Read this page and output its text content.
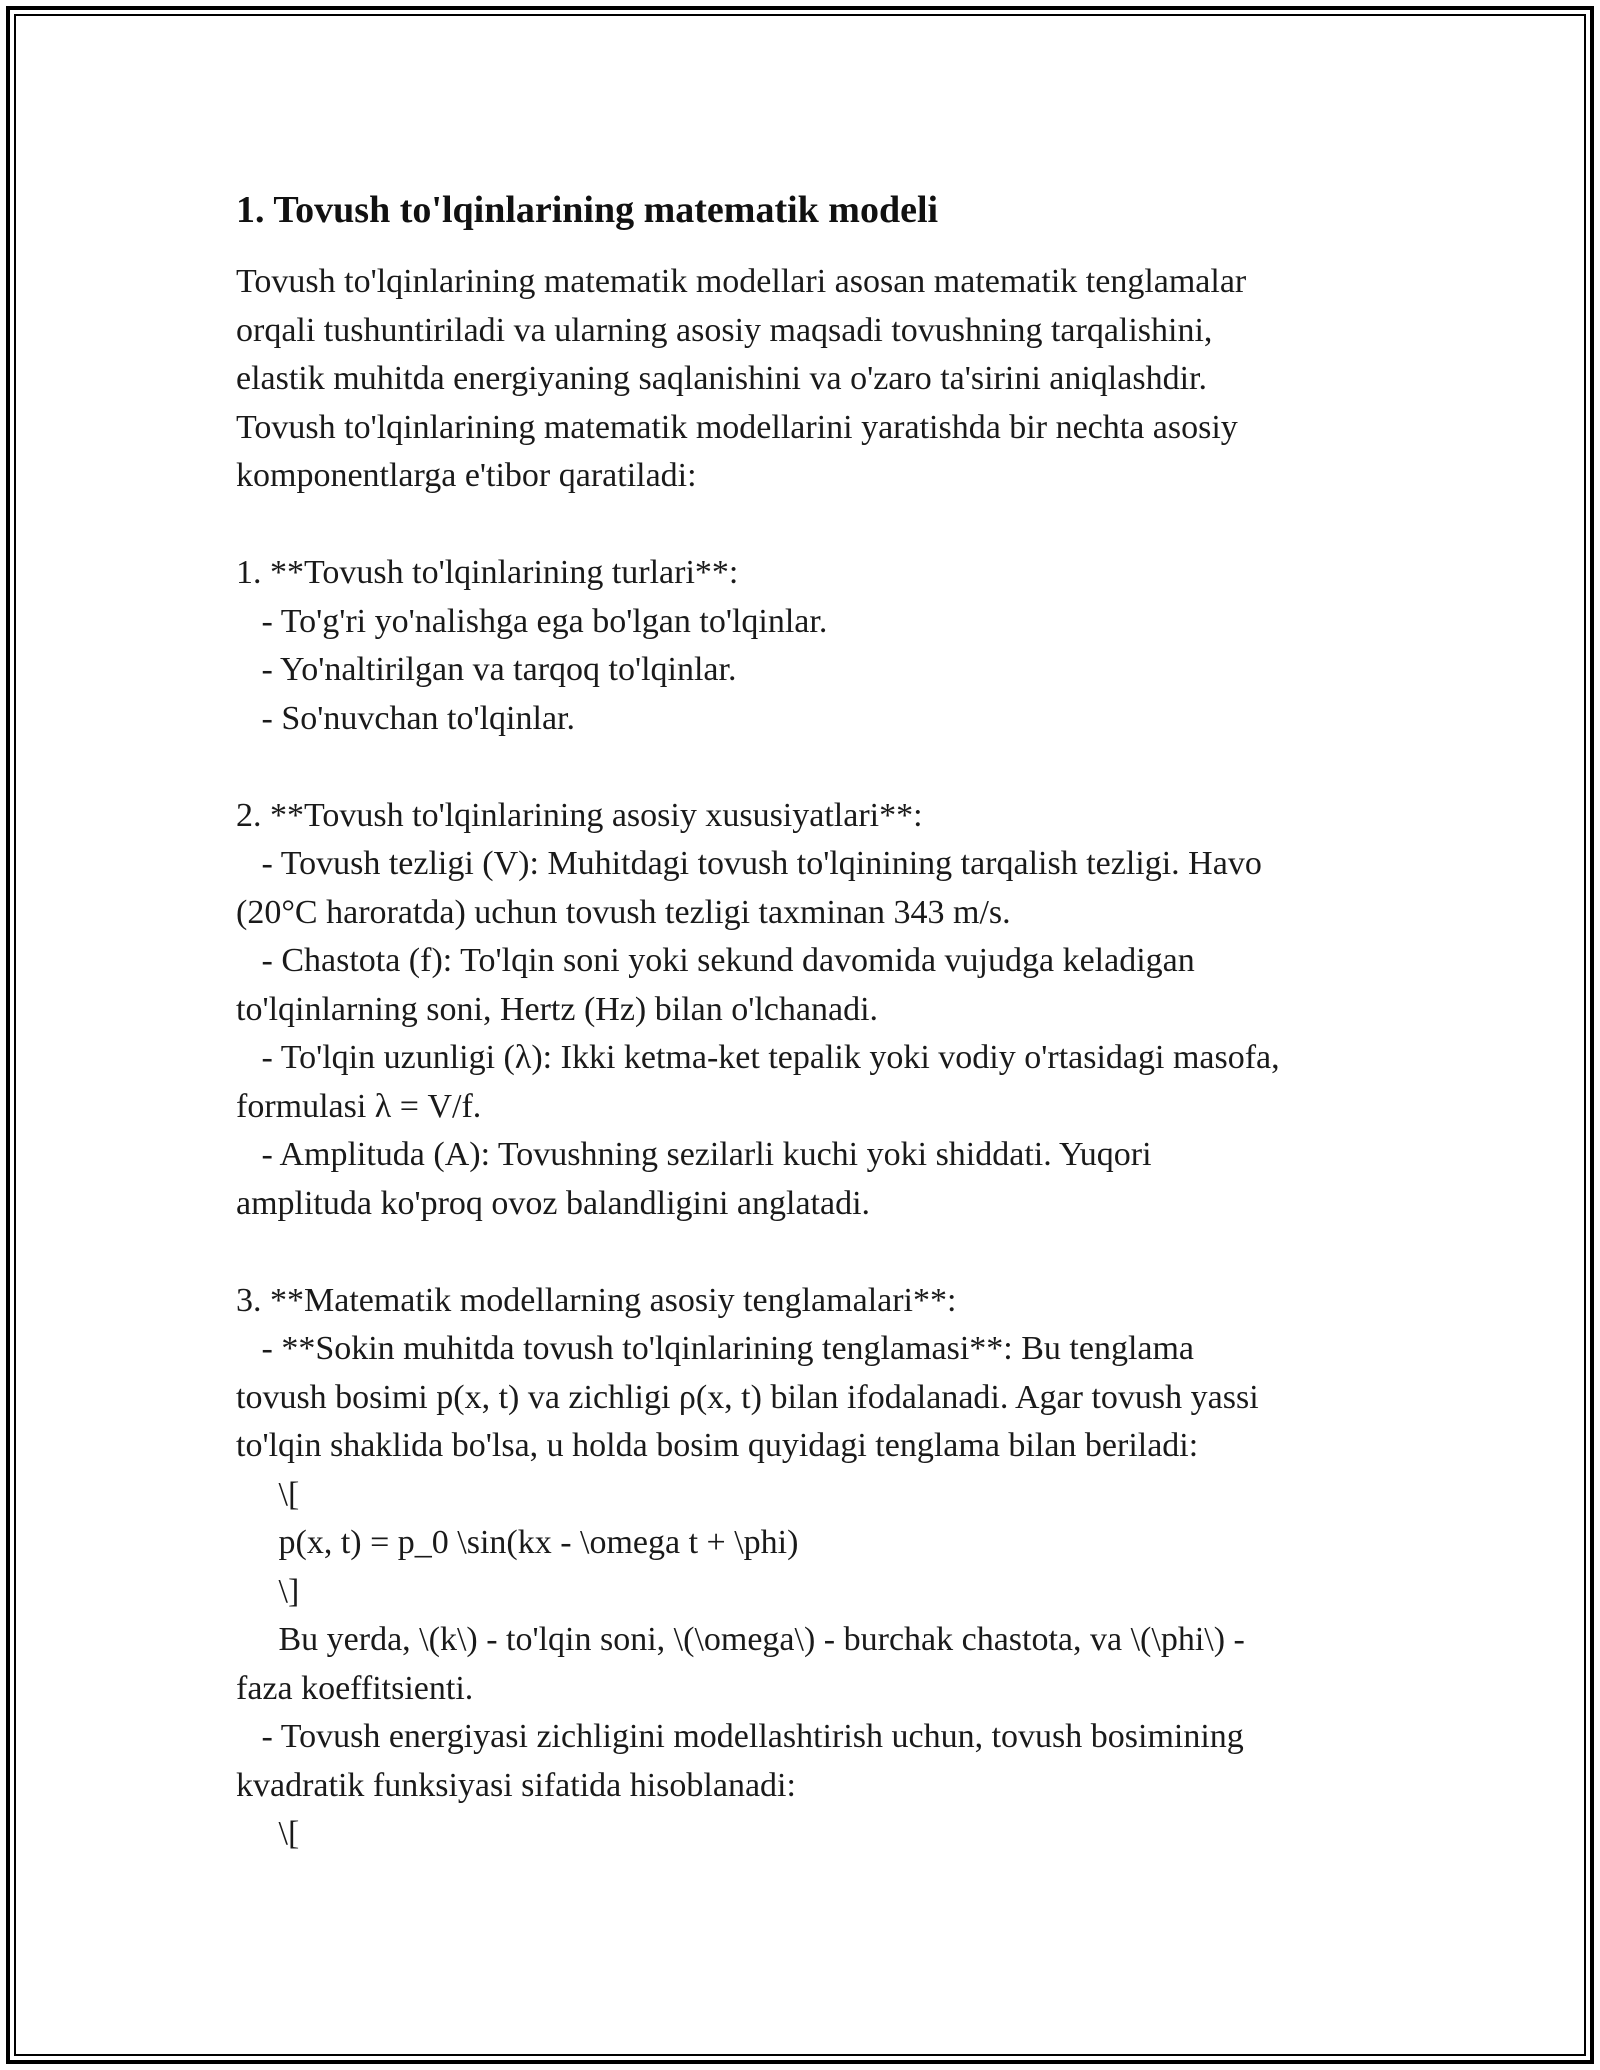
1. Tovush to'lqinlarining matematik modeli

Tovush to'lqinlarining matematik modellari asosan matematik tenglamalar
orqali tushuntiriladi va ularning asosiy maqsadi tovushning tarqalishini,
elastik muhitda energiyaning saqlanishini va o'zaro ta'sirini aniqlashdir.
Tovush to'lqinlarining matematik modellarini yaratishda bir nechta asosiy
komponentlarga e'tibor qaratiladi:

1. **Tovush to'lqinlarining turlari**:
- To'g'ri yo'nalishga ega bo'lgan to'lqinlar.
- Yo'naltirilgan va tarqoq to'lqinlar.
- So'nuvchan to'lqinlar.

2. **Tovush to'lqinlarining asosiy xususiyatlari**:
- Tovush tezligi (V): Muhitdagi tovush to'lqinining tarqalish tezligi. Havo
(20°C haroratda) uchun tovush tezligi taxminan 343 m/s.
- Chastota (f): To'lqin soni yoki sekund davomida vujudga keladigan
to'lqinlarning soni, Hertz (Hz) bilan o'lchanadi.
- To'lqin uzunligi (λ): Ikki ketma-ket tepalik yoki vodiy o'rtasidagi masofa,
formulasi λ = V/f.
- Amplituda (A): Tovushning sezilarli kuchi yoki shiddati. Yuqori
amplituda ko'proq ovoz balandligini anglatadi.

3. **Matematik modellarning asosiy tenglamalari**:
- **Sokin muhitda tovush to'lqinlarining tenglamasi**: Bu tenglama
tovush bosimi p(x, t) va zichligi ρ(x, t) bilan ifodalanadi. Agar tovush yassi
to'lqin shaklida bo'lsa, u holda bosim quyidagi tenglama bilan beriladi:
\[
p(x, t) = p_0 \sin(kx - \omega t + \phi)
\]
Bu yerda, \(k\) - to'lqin soni, \(\omega\) - burchak chastota, va \(\phi\) -
faza koeffitsienti.
- Tovush energiyasi zichligini modellashtirish uchun, tovush bosimining
kvadratik funksiyasi sifatida hisoblanadi:
\[
